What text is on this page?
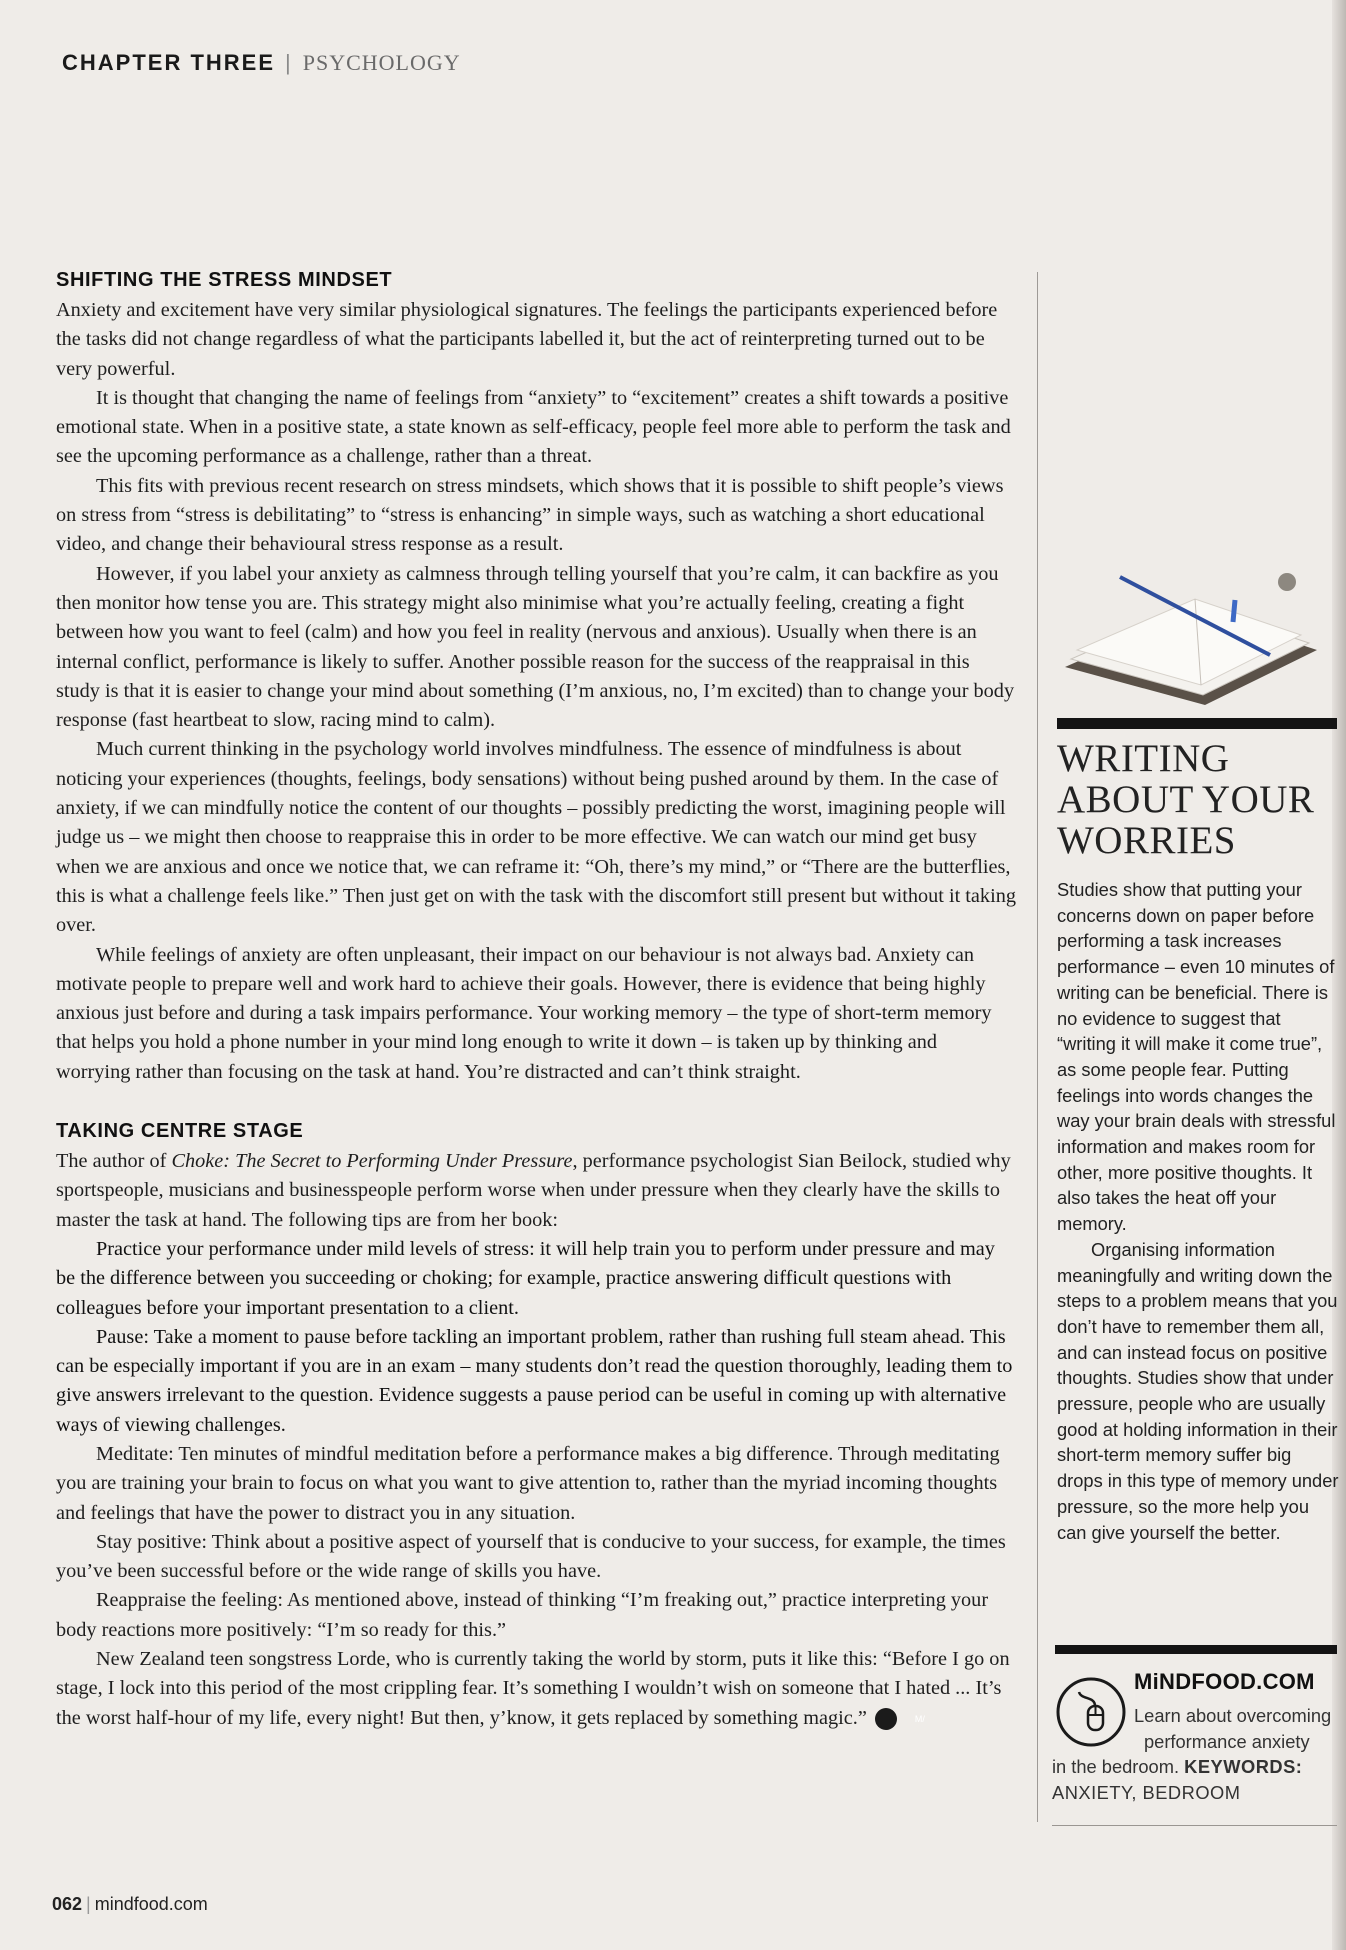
CHAPTER THREE | PSYCHOLOGY
SHIFTING THE STRESS MINDSET

Anxiety and excitement have very similar physiological signatures. The feelings the participants experienced before the tasks did not change regardless of what the participants labelled it, but the act of reinterpreting turned out to be very powerful.

It is thought that changing the name of feelings from “anxiety” to “excitement” creates a shift towards a positive emotional state. When in a positive state, a state known as self-efficacy, people feel more able to perform the task and see the upcoming performance as a challenge, rather than a threat.

This fits with previous recent research on stress mindsets, which shows that it is possible to shift people’s views on stress from “stress is debilitating” to “stress is enhancing” in simple ways, such as watching a short educational video, and change their behavioural stress response as a result.

However, if you label your anxiety as calmness through telling yourself that you’re calm, it can backfire as you then monitor how tense you are. This strategy might also minimise what you’re actually feeling, creating a fight between how you want to feel (calm) and how you feel in reality (nervous and anxious). Usually when there is an internal conflict, performance is likely to suffer. Another possible reason for the success of the reappraisal in this study is that it is easier to change your mind about something (I’m anxious, no, I’m excited) than to change your body response (fast heartbeat to slow, racing mind to calm).

Much current thinking in the psychology world involves mindfulness. The essence of mindfulness is about noticing your experiences (thoughts, feelings, body sensations) without being pushed around by them. In the case of anxiety, if we can mindfully notice the content of our thoughts – possibly predicting the worst, imagining people will judge us – we might then choose to reappraise this in order to be more effective. We can watch our mind get busy when we are anxious and once we notice that, we can reframe it: “Oh, there’s my mind,” or “There are the butterflies, this is what a challenge feels like.” Then just get on with the task with the discomfort still present but without it taking over.

While feelings of anxiety are often unpleasant, their impact on our behaviour is not always bad. Anxiety can motivate people to prepare well and work hard to achieve their goals. However, there is evidence that being highly anxious just before and during a task impairs performance. Your working memory – the type of short-term memory that helps you hold a phone number in your mind long enough to write it down – is taken up by thinking and worrying rather than focusing on the task at hand. You’re distracted and can’t think straight.

TAKING CENTRE STAGE

The author of Choke: The Secret to Performing Under Pressure, performance psychologist Sian Beilock, studied why sportspeople, musicians and businesspeople perform worse when under pressure when they clearly have the skills to master the task at hand. The following tips are from her book:

Practice your performance under mild levels of stress: it will help train you to perform under pressure and may be the difference between you succeeding or choking; for example, practice answering difficult questions with colleagues before your important presentation to a client.

Pause: Take a moment to pause before tackling an important problem, rather than rushing full steam ahead. This can be especially important if you are in an exam – many students don’t read the question thoroughly, leading them to give answers irrelevant to the question. Evidence suggests a pause period can be useful in coming up with alternative ways of viewing challenges.

Meditate: Ten minutes of mindful meditation before a performance makes a big difference. Through meditating you are training your brain to focus on what you want to give attention to, rather than the myriad incoming thoughts and feelings that have the power to distract you in any situation.

Stay positive: Think about a positive aspect of yourself that is conducive to your success, for example, the times you’ve been successful before or the wide range of skills you have.

Reappraise the feeling: As mentioned above, instead of thinking “I’m freaking out,” practice interpreting your body reactions more positively: “I’m so ready for this.”

New Zealand teen songstress Lorde, who is currently taking the world by storm, puts it like this: “Before I go on stage, I lock into this period of the most crippling fear. It’s something I wouldn’t wish on someone that I hated ... It’s the worst half-hour of my life, every night! But then, y’know, it gets replaced by something magic.”	M/

WRITING
ABOUT YOUR
WORRIES

Studies show that putting your concerns down on paper before performing a task increases performance – even 10 minutes of writing can be beneficial. There is no evidence to suggest that “writing it will make it come true”, as some people fear. Putting feelings into words changes the way your brain deals with stressful information and makes room for other, more positive thoughts. It also takes the heat off your memory.

Organising information meaningfully and writing down the steps to a problem means that you don’t have to remember them all, and can instead focus on positive thoughts. Studies show that under pressure, people who are usually good at holding information in their short-term memory suffer big drops in this type of memory under pressure, so the more help you can give yourself the better.

MiNDFOOD.COM
Learn about overcoming
performance anxiety
in the bedroom. KEYWORDS:
ANXIETY, BEDROOM
062 | mindfood.com
